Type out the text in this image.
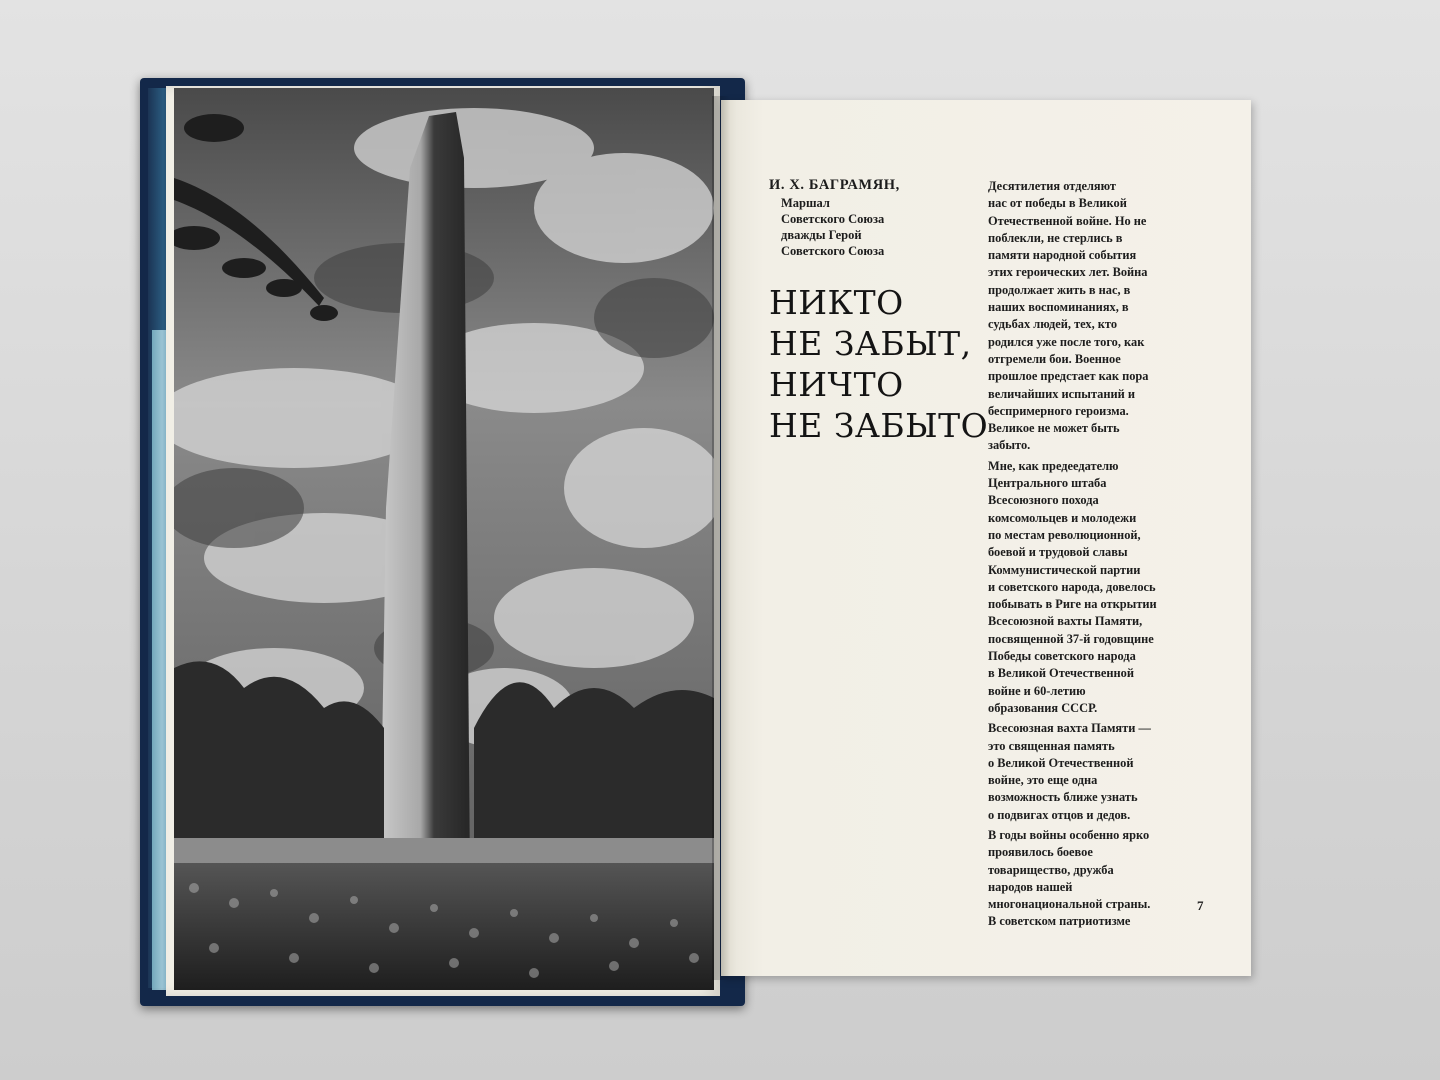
И. Х. БАГРАМЯН,
Маршал
Советского Союза
дважды Герой
Советского Союза
НИКТО
НЕ ЗАБЫТ,
НИЧТО
НЕ ЗАБЫТО
Десятилетия отделяют
нас от победы в Великой
Отечественной войне. Но не
поблекли, не стерлись в
памяти народной события
этих героических лет. Война
продолжает жить в нас, в
наших воспоминаниях, в
судьбах людей, тех, кто
родился уже после того, как
отгремели бои. Военное
прошлое предстает как пора
величайших испытаний и
беспримерного героизма.
Великое не может быть
забыто.
Мне, как предеедателю
Центрального штаба
Всесоюзного похода
комсомольцев и молодежи
по местам революционной,
боевой и трудовой славы
Коммунистической партии
и советского народа, довелось
побывать в Риге на открытии
Всесоюзной вахты Памяти,
посвященной 37-й годовщине
Победы советского народа
в Великой Отечественной
войне и 60-летию
образования СССР.
Всесоюзная вахта Памяти —
это священная память
о Великой Отечественной
войне, это еще одна
возможность ближе узнать
о подвигах отцов и дедов.
В годы войны особенно ярко
проявилось боевое
товарищество, дружба
народов нашей
многонациональной страны.
В советском патриотизме
7
